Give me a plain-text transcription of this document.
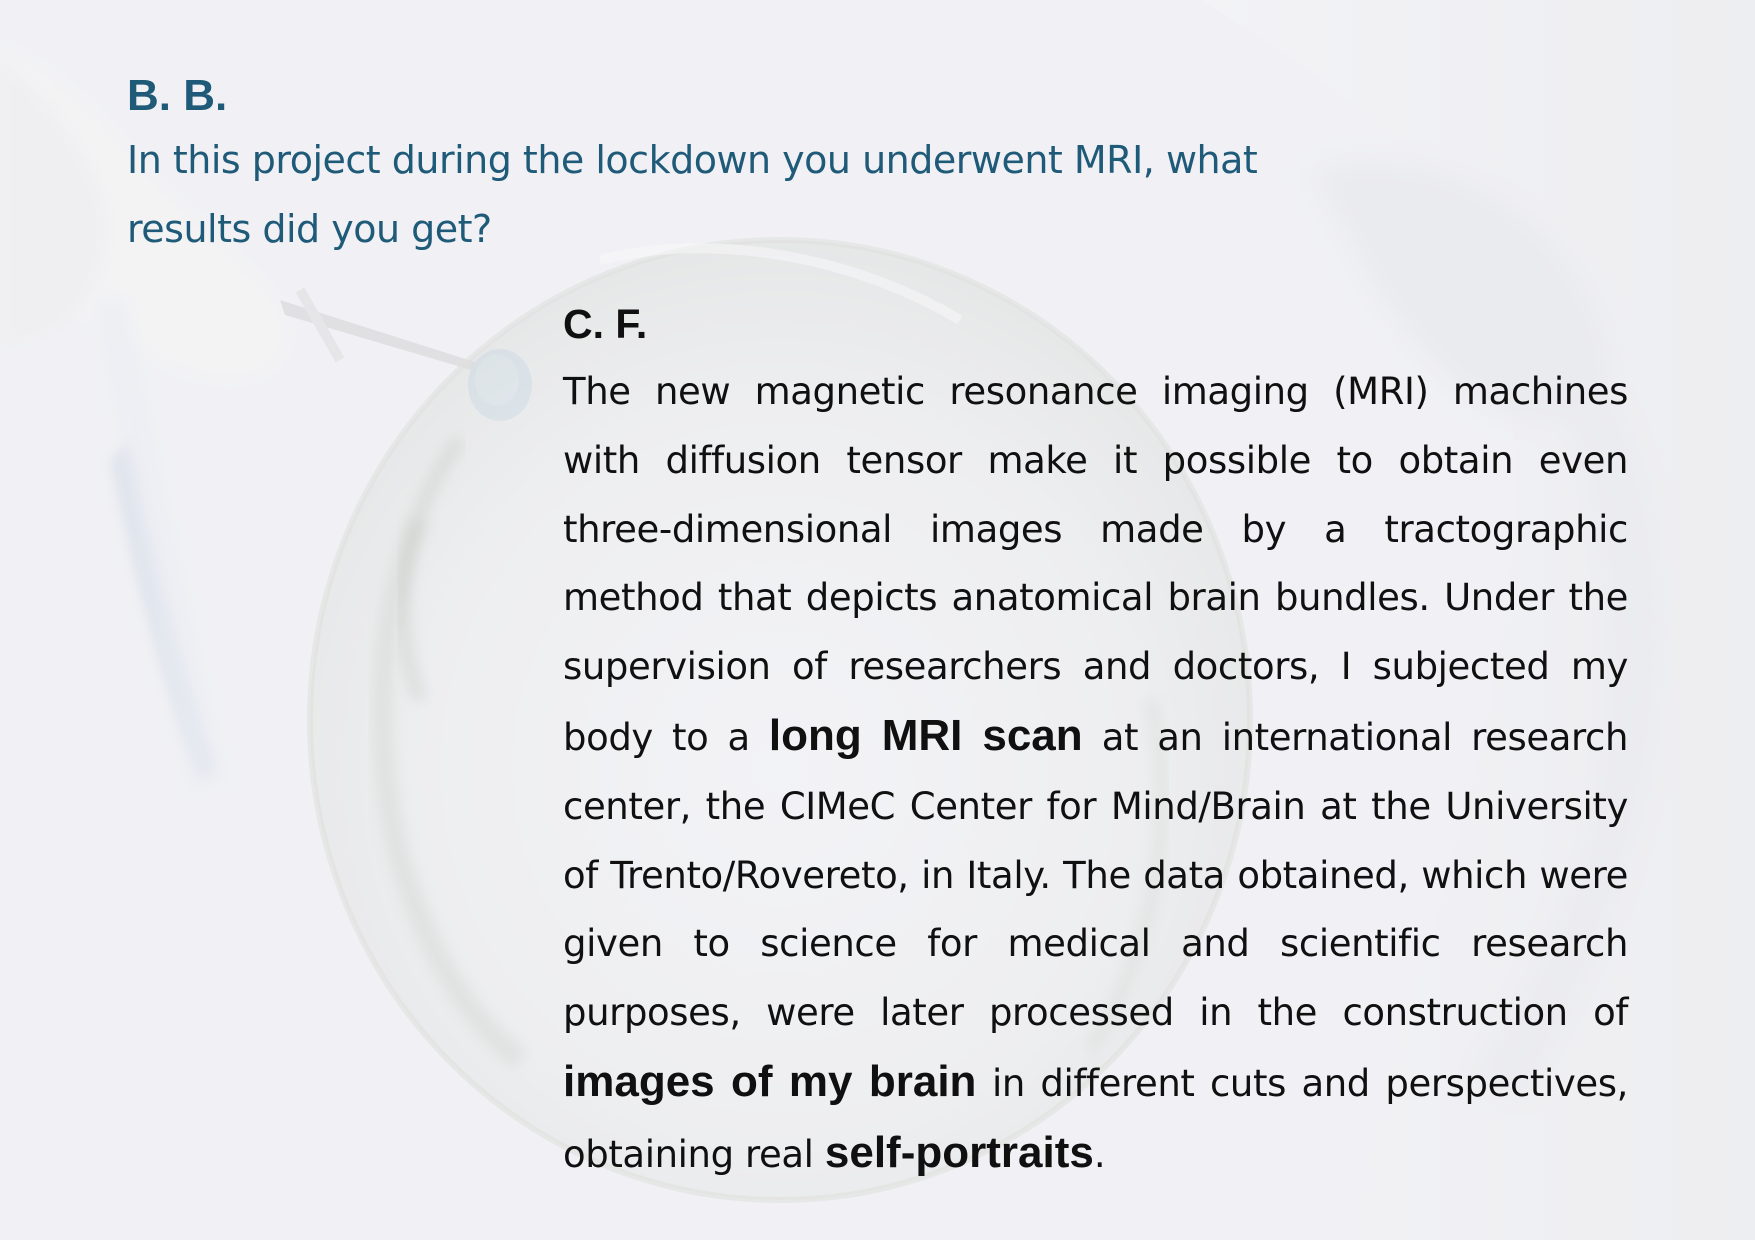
B. B.

In this project during the lockdown you underwent MRI, what results did you get?

C. F.

The new magnetic resonance imaging (MRI) machines with diffusion tensor make it possible to obtain even three-dimensional images made by a tractographic method that depicts anatomical brain bundles. Under the supervision of researchers and doctors, I subjected my body to a long MRI scan at an international research center, the CIMeC Center for Mind/Brain at the University of Trento/Rovereto, in Italy. The data obtained, which were given to science for medical and scientific research purposes, were later processed in the construction of images of my brain in different cuts and perspectives, obtaining real self-portraits.
